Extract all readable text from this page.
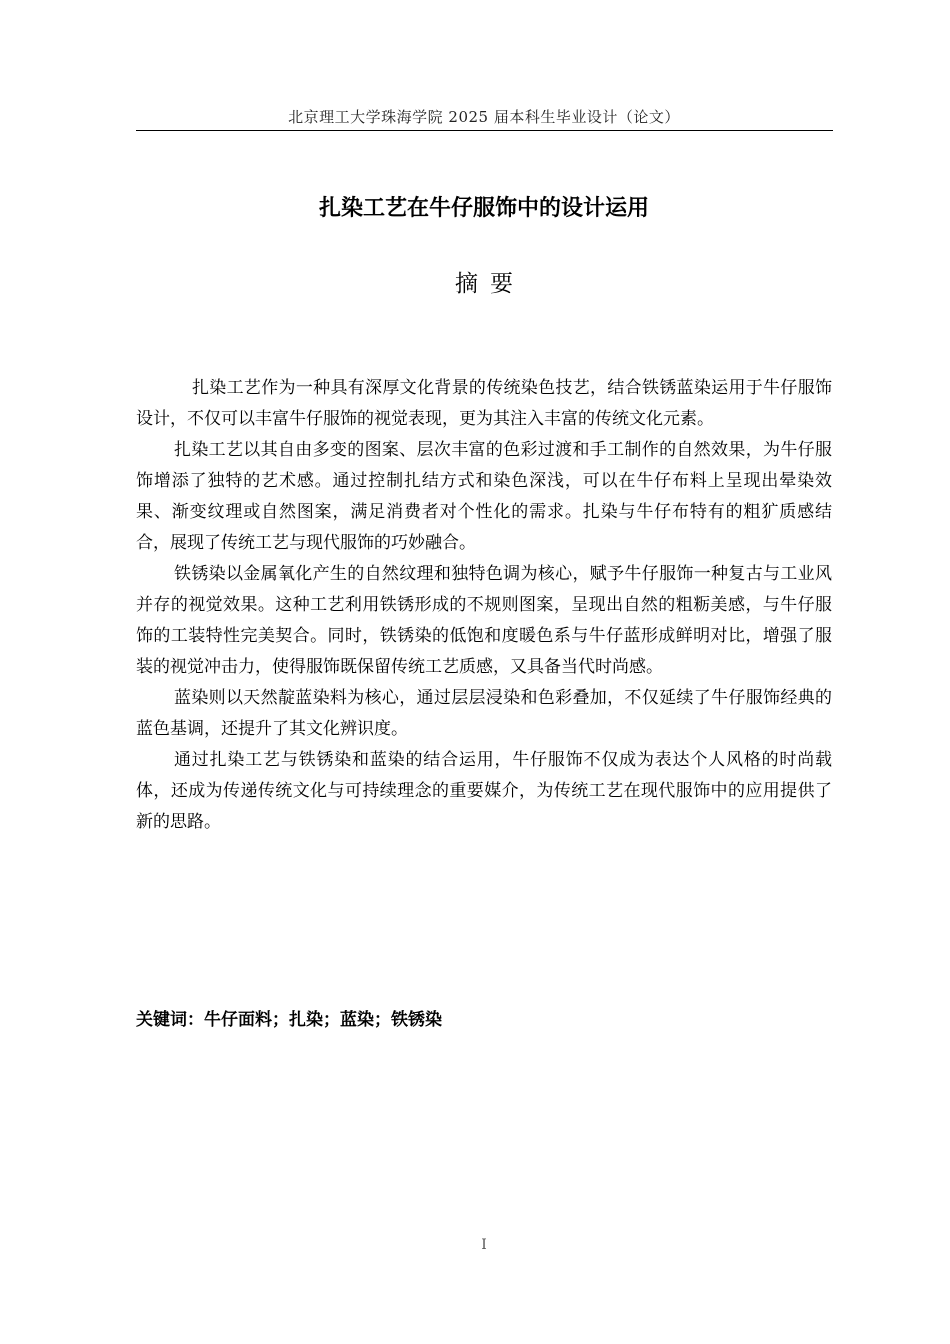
北京理工大学珠海学院 2025 届本科生毕业设计（论文）
扎染工艺在牛仔服饰中的设计运用
摘要

扎染工艺作为一种具有深厚文化背景的传统染色技艺，结合铁锈蓝染运用于牛仔服饰设计，不仅可以丰富牛仔服饰的视觉表现，更为其注入丰富的传统文化元素。

扎染工艺以其自由多变的图案、层次丰富的色彩过渡和手工制作的自然效果，为牛仔服饰增添了独特的艺术感。通过控制扎结方式和染色深浅，可以在牛仔布料上呈现出晕染效果、渐变纹理或自然图案，满足消费者对个性化的需求。扎染与牛仔布特有的粗犷质感结合，展现了传统工艺与现代服饰的巧妙融合。

铁锈染以金属氧化产生的自然纹理和独特色调为核心，赋予牛仔服饰一种复古与工业风并存的视觉效果。这种工艺利用铁锈形成的不规则图案，呈现出自然的粗粝美感，与牛仔服饰的工装特性完美契合。同时，铁锈染的低饱和度暖色系与牛仔蓝形成鲜明对比，增强了服装的视觉冲击力，使得服饰既保留传统工艺质感，又具备当代时尚感。

蓝染则以天然靛蓝染料为核心，通过层层浸染和色彩叠加，不仅延续了牛仔服饰经典的蓝色基调，还提升了其文化辨识度。

通过扎染工艺与铁锈染和蓝染的结合运用，牛仔服饰不仅成为表达个人风格的时尚载体，还成为传递传统文化与可持续理念的重要媒介，为传统工艺在现代服饰中的应用提供了新的思路。

关键词：牛仔面料；扎染；蓝染；铁锈染
I
